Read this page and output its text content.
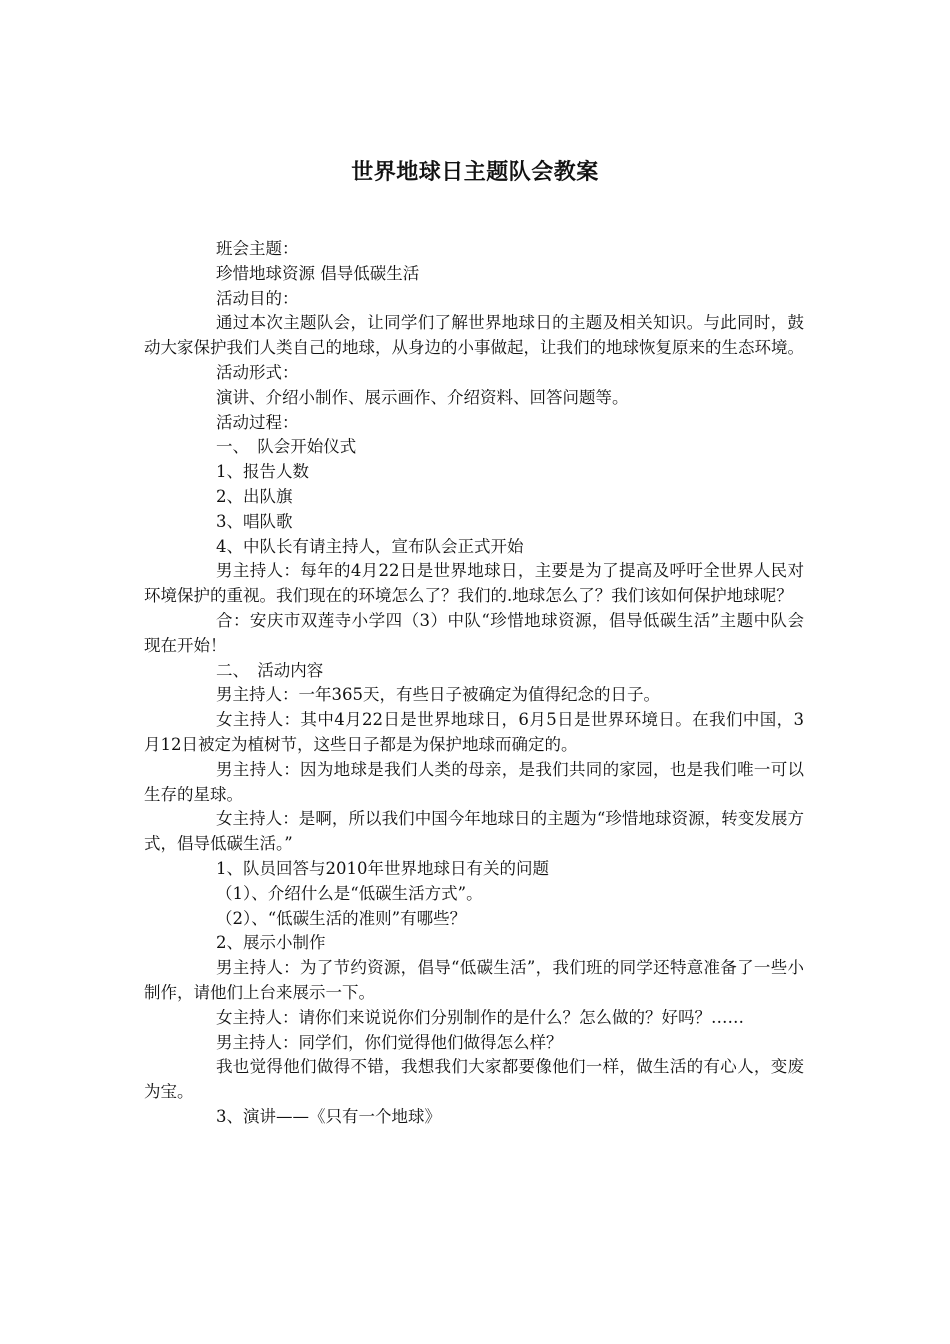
世界地球日主题队会教案

班会主题：

珍惜地球资源 倡导低碳生活

活动目的：

通过本次主题队会，让同学们了解世界地球日的主题及相关知识。与此同时，鼓动大家保护我们人类自己的地球，从身边的小事做起，让我们的地球恢复原来的生态环境。

活动形式：

演讲、介绍小制作、展示画作、介绍资料、回答问题等。

活动过程：

一、　队会开始仪式

1、报告人数

2、出队旗

3、唱队歌

4、中队长有请主持人，宣布队会正式开始

男主持人：每年的4月22日是世界地球日，主要是为了提高及呼吁全世界人民对环境保护的重视。我们现在的环境怎么了？我们的.地球怎么了？我们该如何保护地球呢？

合：安庆市双莲寺小学四（3）中队“珍惜地球资源，倡导低碳生活”主题中队会现在开始！

二、　活动内容

男主持人：一年365天，有些日子被确定为值得纪念的日子。

女主持人：其中4月22日是世界地球日，6月5日是世界环境日。在我们中国，3月12日被定为植树节，这些日子都是为保护地球而确定的。

男主持人：因为地球是我们人类的母亲，是我们共同的家园，也是我们唯一可以生存的星球。

女主持人：是啊，所以我们中国今年地球日的主题为“珍惜地球资源，转变发展方式，倡导低碳生活。”

1、队员回答与2010年世界地球日有关的问题

（1）、介绍什么是“低碳生活方式”。

（2）、“低碳生活的准则”有哪些？

2、展示小制作

男主持人：为了节约资源，倡导“低碳生活”，我们班的同学还特意准备了一些小制作，请他们上台来展示一下。

女主持人：请你们来说说你们分别制作的是什么？怎么做的？好吗？……

男主持人：同学们，你们觉得他们做得怎么样？

我也觉得他们做得不错，我想我们大家都要像他们一样，做生活的有心人，变废为宝。

3、演讲——《只有一个地球》
